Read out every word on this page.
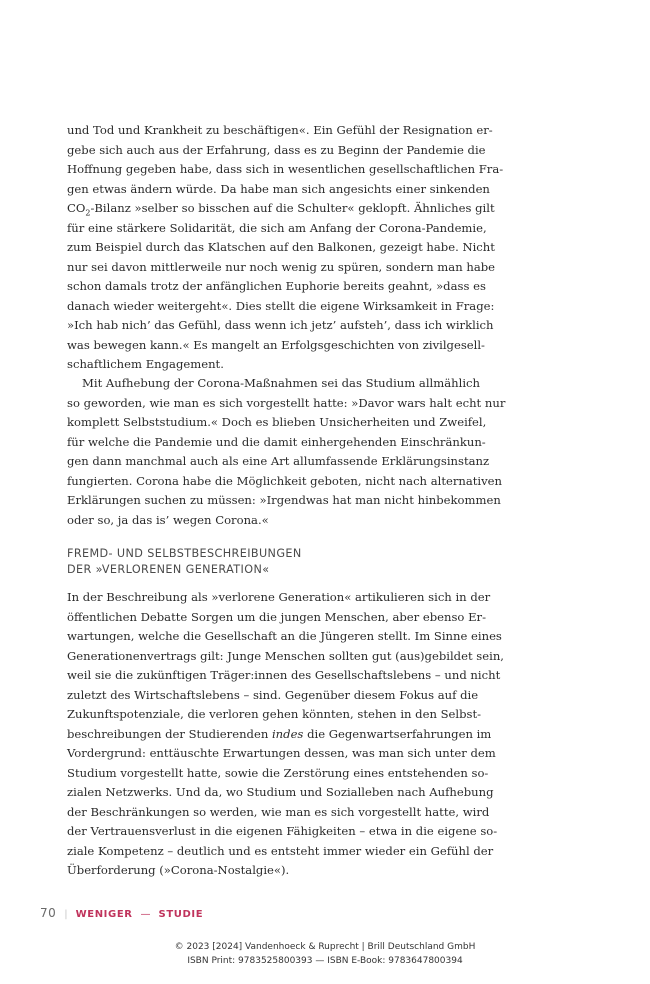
und Tod und Krankheit zu beschäftigen«. Ein Gefühl der Resignation er-
gebe sich auch aus der Erfahrung, dass es zu Beginn der Pandemie die
Hoffnung gegeben habe, dass sich in wesentlichen gesellschaftlichen Fra-
gen etwas ändern würde. Da habe man sich angesichts einer sinkenden
$CO_2$-Bilanz »selber so bisschen auf die Schulter« geklopft. Ähnliches gilt
für eine stärkere Solidarität, die sich am Anfang der Corona-Pandemie,
zum Beispiel durch das Klatschen auf den Balkonen, gezeigt habe. Nicht
nur sei davon mittlerweile nur noch wenig zu spüren, sondern man habe
schon damals trotz der anfänglichen Euphorie bereits geahnt, »dass es
danach wieder weitergeht«. Dies stellt die eigene Wirksamkeit in Frage:
»Ich hab nich’ das Gefühl, dass wenn ich jetz’ aufsteh’, dass ich wirklich
was bewegen kann.« Es mangelt an Erfolgsgeschichten von zivilgesell-
schaftlichem Engagement.

Mit Aufhebung der Corona-Maßnahmen sei das Studium allmählich
so geworden, wie man es sich vorgestellt hatte: »Davor wars halt echt nur
komplett Selbststudium.« Doch es blieben Unsicherheiten und Zweifel,
für welche die Pandemie und die damit einhergehenden Einschränkun-
gen dann manchmal auch als eine Art allumfassende Erklärungsinstanz
fungierten. Corona habe die Möglichkeit geboten, nicht nach alternativen
Erklärungen suchen zu müssen: »Irgendwas hat man nicht hinbekommen
oder so, ja das is’ wegen Corona.«

FREMD- UND SELBSTBESCHREIBUNGEN
DER »VERLORENEN GENERATION«

In der Beschreibung als »verlorene Generation« artikulieren sich in der
öffentlichen Debatte Sorgen um die jungen Menschen, aber ebenso Er-
wartungen, welche die Gesellschaft an die Jüngeren stellt. Im Sinne eines
Generationenvertrags gilt: Junge Menschen sollten gut (aus)gebildet sein,
weil sie die zukünftigen Träger:innen des Gesellschaftslebens – und nicht
zuletzt des Wirtschaftslebens – sind. Gegenüber diesem Fokus auf die
Zukunftspotenziale, die verloren gehen könnten, stehen in den Selbst-
beschreibungen der Studierenden indes die Gegenwartserfahrungen im
Vordergrund: enttäuschte Erwartungen dessen, was man sich unter dem
Studium vorgestellt hatte, sowie die Zerstörung eines entstehenden so-
zialen Netzwerks. Und da, wo Studium und Sozialleben nach Aufhebung
der Beschränkungen so werden, wie man es sich vorgestellt hatte, wird
der Vertrauensverlust in die eigenen Fähigkeiten – etwa in die eigene so-
ziale Kompetenz – deutlich und es entsteht immer wieder ein Gefühl der
Überforderung (»Corona-Nostalgie«).

70 | WENIGER — STUDIE
© 2023 [2024] Vandenhoeck & Ruprecht | Brill Deutschland GmbH
ISBN Print: 9783525800393 — ISBN E-Book: 9783647800394
